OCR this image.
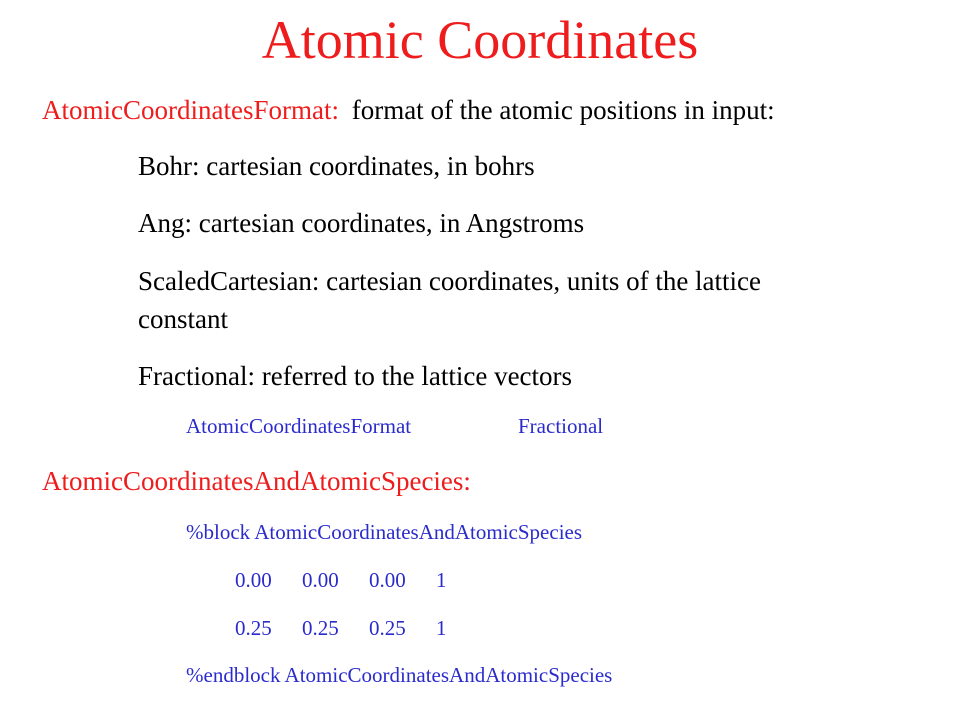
Atomic Coordinates
AtomicCoordinatesFormat: format of the atomic positions in input:
Bohr: cartesian coordinates, in bohrs
Ang: cartesian coordinates, in Angstroms
ScaledCartesian: cartesian coordinates, units of the lattice
constant
Fractional: referred to the lattice vectors
AtomicCoordinatesFormat	Fractional
AtomicCoordinatesAndAtomicSpecies:
%block AtomicCoordinatesAndAtomicSpecies
0.00 0.00 0.00 1
0.25 0.25 0.25 1
%endblock AtomicCoordinatesAndAtomicSpecies
